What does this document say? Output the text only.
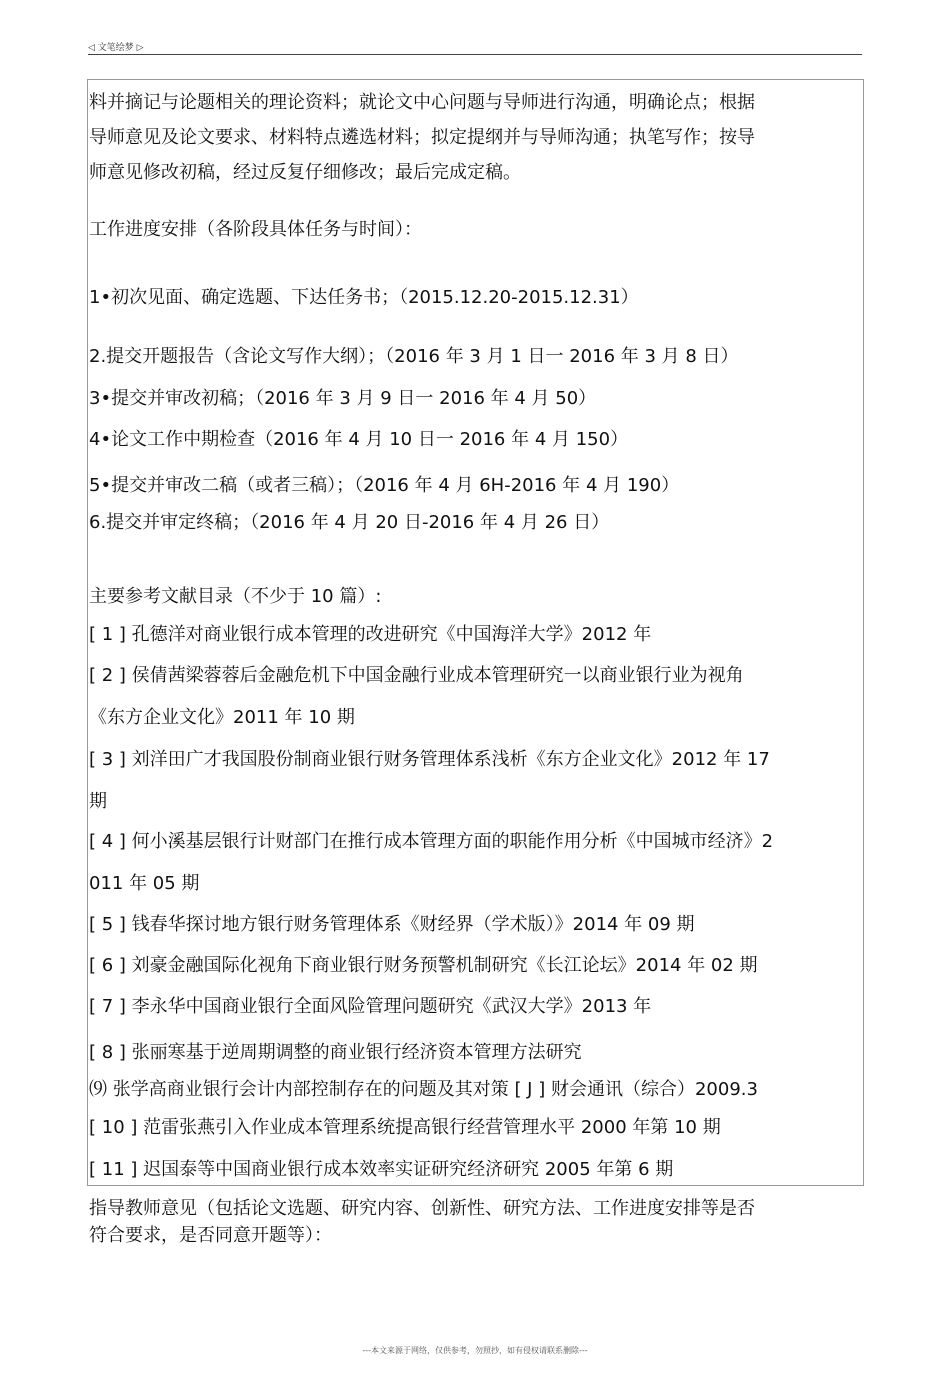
◁ 文笔绘梦 ▷
料并摘记与论题相关的理论资料；就论文中心问题与导师进行沟通，明确论点；根据
导师意见及论文要求、材料特点遴选材料；拟定提纲并与导师沟通；执笔写作；按导
师意见修改初稿，经过反复仔细修改；最后完成定稿。
工作进度安排（各阶段具体任务与时间）：
1•初次见面、确定选题、下达任务书；（2015.12.20-2015.12.31）
2.提交开题报告（含论文写作大纲）；（2016 年 3 月 1 日一 2016 年 3 月 8 日）
3•提交并审改初稿；（2016 年 3 月 9 日一 2016 年 4 月 50）
4•论文工作中期检查（2016 年 4 月 10 日一 2016 年 4 月 150）
5•提交并审改二稿（或者三稿）；（2016 年 4 月 6H-2016 年 4 月 190）
6.提交并审定终稿；（2016 年 4 月 20 日-2016 年 4 月 26 日）
主要参考文献目录（不少于 10 篇）:
[ 1 ] 孔德洋对商业银行成本管理的改进研究《中国海洋大学》2012 年
[ 2 ] 侯倩茜梁蓉蓉后金融危机下中国金融行业成本管理研究一以商业银行业为视角
《东方企业文化》2011 年 10 期
[ 3 ] 刘洋田广才我国股份制商业银行财务管理体系浅析《东方企业文化》2012 年 17
期
[ 4 ] 何小溪基层银行计财部门在推行成本管理方面的职能作用分析《中国城市经济》2
011 年 05 期
[ 5 ] 钱春华探讨地方银行财务管理体系《财经界（学术版）》2014 年 09 期
[ 6 ] 刘豪金融国际化视角下商业银行财务预警机制研究《长江论坛》2014 年 02 期
[ 7 ] 李永华中国商业银行全面风险管理问题研究《武汉大学》2013 年
[ 8 ] 张丽寒基于逆周期调整的商业银行经济资本管理方法研究
⑼ 张学高商业银行会计内部控制存在的问题及其对策 [ J ] 财会通讯（综合）2009.3
[ 10 ] 范雷张燕引入作业成本管理系统提高银行经营管理水平 2000 年第 10 期
[ 11 ] 迟国泰等中国商业银行成本效率实证研究经济研究 2005 年第 6 期
指导教师意见（包括论文选题、研究内容、创新性、研究方法、工作进度安排等是否
符合要求，是否同意开题等）：
---本文来源于网络，仅供参考，勿照抄，如有侵权请联系删除---
